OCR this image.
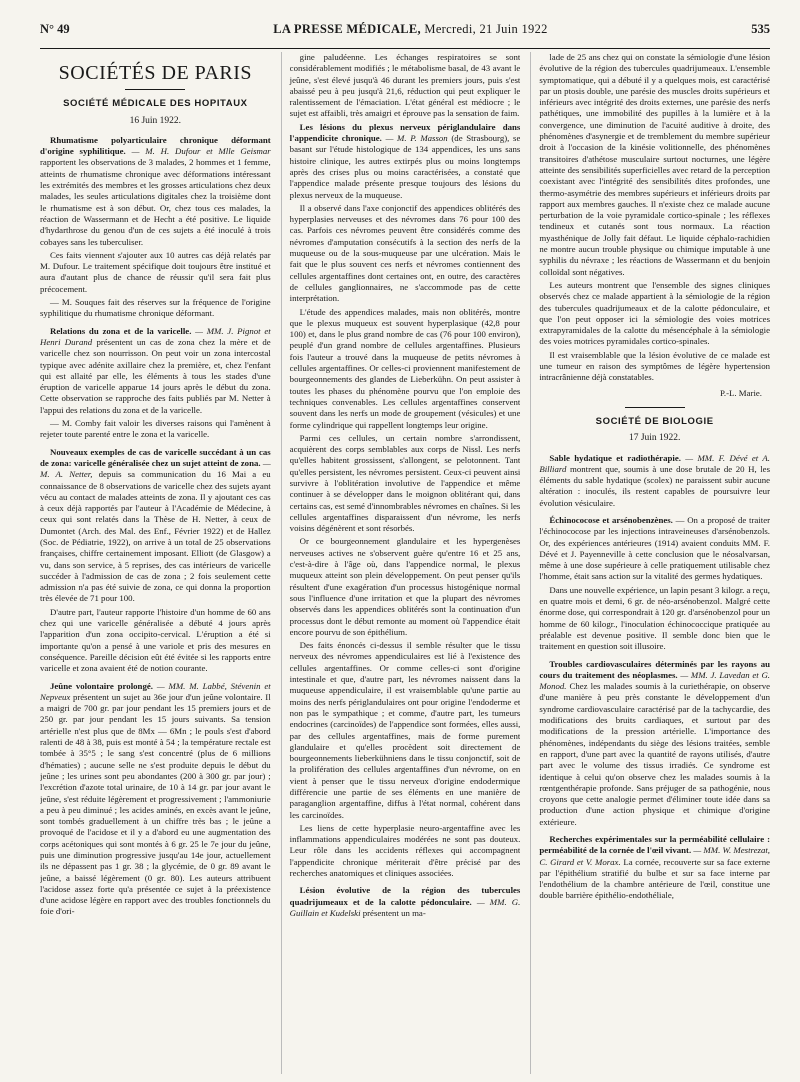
N° 49	LA PRESSE MÉDICALE, Mercredi, 21 Juin 1922	535
SOCIÉTÉS DE PARIS
SOCIÉTÉ MÉDICALE DES HOPITAUX

16 Juin 1922.

Rhumatisme polyarticulaire chronique déformant d'origine syphilitique. — M. H. Dufour et Mlle Geismar rapportent les observations de 3 malades, 2 hommes et 1 femme, atteints de rhumatisme chronique avec déformations intéressant les extrémités des membres et les grosses articulations chez deux malades, les seules articulations digitales chez la troisième dont le rhumatisme est à son début. Or, chez tous ces malades, la réaction de Wassermann et de Hecht a été positive. Le liquide d'hydarthrose du genou d'un de ces sujets a été inoculé à trois cobayes sans les tuberculiser.

Ces faits viennent s'ajouter aux 10 autres cas déjà relatés par M. Dufour. Le traitement spécifique doit toujours être institué et aura d'autant plus de chance de réussir qu'il sera fait plus précocement.

— M. Souques fait des réserves sur la fréquence de l'origine syphilitique du rhumatisme chronique déformant.

Relations du zona et de la varicelle. — MM. J. Pignot et Henri Durand présentent un cas de zona chez la mère et de varicelle chez son nourrisson. On peut voir un zona intercostal typique avec adénite axillaire chez la première, et, chez l'enfant qui est allaité par elle, les éléments à tous les stades d'une éruption de varicelle apparue 14 jours après le début du zona. Cette observation se rapproche des faits publiés par M. Netter à l'appui des relations du zona et de la varicelle.

— M. Comby fait valoir les diverses raisons qui l'amènent à rejeter toute parenté entre le zona et la varicelle.

Nouveaux exemples de cas de varicelle succédant à un cas de zona: varicelle généralisée chez un sujet atteint de zona. — M. A. Netter, depuis sa communication du 16 Mai a eu connaissance de 8 observations de varicelle chez des sujets ayant vécu au contact de malades atteints de zona. Il y ajoutant ces cas à ceux déjà rapportés par l'auteur à l'Académie de Médecine, à ceux qui sont relatés dans la Thèse de H. Netter, à ceux de Dumontet (Arch. des Mal. des Enf., Février 1922) et de Hallez (Soc. de Pédiatrie, 1922), on arrive à un total de 25 observations françaises, chiffre certainement imposant. Elliott (de Glasgow) a vu, dans son service, à 5 reprises, des cas intérieurs de varicelle succéder à l'admission de cas de zona ; 2 fois seulement cette admission n'a pas été suivie de zona, ce qui donna la proportion très élevée de 71 pour 100.

D'autre part, l'auteur rapporte l'histoire d'un homme de 60 ans chez qui une varicelle généralisée a débuté 4 jours après l'apparition d'un zona occipito-cervical. L'éruption a été si importante qu'on a pensé à une variole et pris des mesures en conséquence. Pareille décision eût été évitée si les rapports entre varicelle et zona avaient été de notion courante.

Jeûne volontaire prolongé. — MM. M. Labbé, Stévenin et Nepveux présentent un sujet au 36e jour d'un jeûne volontaire. Il a maigri de 700 gr. par jour pendant les 15 premiers jours et de 250 gr. par jour pendant les 15 jours suivants. Sa tension artérielle n'est plus que de 8Mx — 6Mn ; le pouls s'est d'abord ralenti de 48 à 38, puis est monté à 54 ; la température rectale est tombée à 35°5 ; le sang s'est concentré (plus de 6 millions d'hématies) ; aucune selle ne s'est produite depuis le début du jeûne ; les urines sont peu abondantes (200 à 300 gr. par jour) ; l'excrétion d'azote total urinaire, de 10 à 14 gr. par jour avant le jeûne, s'est réduite légèrement et progressivement ; l'ammoniurie a peu à peu diminué ; les acides aminés, en excès avant le jeûne, sont tombés graduellement à un chiffre très bas ; le jeûne a provoqué de l'acidose et il y a d'abord eu une augmentation des corps acétoniques qui sont montés à 6 gr. 25 le 7e jour du jeûne, puis une diminution progressive jusqu'au 14e jour, actuellement ils ne dépassent pas 1 gr. 38 ; la glycémie, de 0 gr. 89 avant le jeûne, a baissé légèrement (0 gr. 80). Les auteurs attribuent l'acidose assez forte qu'a présentée ce sujet à la préexistence d'une acidose légère en rapport avec des troubles fonctionnels du foie d'ori-

gine paludéenne. Les échanges respiratoires se sont considérablement modifiés ; le métabolisme basal, de 43 avant le jeûne, s'est élevé jusqu'à 46 durant les premiers jours, puis s'est abaissé peu à peu jusqu'à 21,6, réduction qui peut expliquer le ralentissement de l'émaciation. L'état général est médiocre ; le sujet est affaibli, très amaigri et éprouve pas la sensation de faim.

Les lésions du plexus nerveux périglandulaire dans l'appendicite chronique. — M. P. Masson (de Strasbourg), se basant sur l'étude histologique de 134 appendices, les uns sans histoire clinique, les autres extirpés plus ou moins longtemps après des crises plus ou moins caractérisées, a constaté que l'appendice malade présente presque toujours des lésions du plexus nerveux de la muqueuse.

Il a observé dans l'axe conjonctif des appendices oblitérés des hyperplasies nerveuses et des névromes dans 76 pour 100 des cas. Parfois ces névromes peuvent être considérés comme des névromes d'amputation consécutifs à la section des nerfs de la muqueuse ou de la sous-muqueuse par une ulcération. Mais le fait que le plus souvent ces nerfs et névromes contiennent des cellules argentaffines dont certaines ont, en outre, des caractères de cellules ganglionnaires, ne s'accommode pas de cette interprétation.

L'étude des appendices malades, mais non oblitérés, montre que le plexus muqueux est souvent hyperplasique (42,8 pour 100) et, dans le plus grand nombre de cas (76 pour 100 environ), peuplé d'un grand nombre de cellules argentaffines. Plusieurs fois l'auteur a trouvé dans la muqueuse de petits névromes à cellules argentaffines. Or celles-ci proviennent manifestement de bourgeonnements des glandes de Lieberkühn. On peut assister à toutes les phases du phénomène pourvu que l'on emploie des techniques convenables. Les cellules argentaffines conservent souvent dans les nerfs un mode de groupement (vésicules) et une forme cylindrique qui rappellent longtemps leur origine.

Parmi ces cellules, un certain nombre s'arrondissent, acquièrent des corps semblables aux corps de Nissl. Les nerfs qu'elles habitent grossissent, s'allongent, se pelotonnent. Tant qu'elles persistent, les névromes persistent. Ceux-ci peuvent ainsi survivre à l'oblitération involutive de l'appendice et même continuer à se développer dans le moignon oblitérant qui, dans certains cas, est semé d'innombrables névromes en chaînes. Si les cellules argentaffines disparaissent d'un névrome, les nerfs voisins dégénèrent et sont résorbés.

Or ce bourgeonnement glandulaire et les hypergenèses nerveuses actives ne s'observent guère qu'entre 16 et 25 ans, c'est-à-dire à l'âge où, dans l'appendice normal, le plexus muqueux atteint son plein développement. On peut penser qu'ils résultent d'une exagération d'un processus histogénique normal sous l'influence d'une irritation et que la plupart des névromes observés dans les appendices oblitérés sont la continuation d'un processus dont le début remonte au moment où l'appendice était encore pourvu de son épithélium.

Des faits énoncés ci-dessus il semble résulter que le tissu nerveux des névromes appendiculaires est lié à l'existence des cellules argentaffines. Or comme celles-ci sont d'origine intestinale et que, d'autre part, les névromes naissent dans la muqueuse appendiculaire, il est vraisemblable qu'une partie au moins des nerfs périglandulaires ont pour origine l'endoderme et non pas le sympathique ; et comme, d'autre part, les tumeurs endocrines (carcinoïdes) de l'appendice sont formées, elles aussi, par des cellules argentaffines, mais de forme purement glandulaire et qu'elles procèdent soit directement de bourgeonnements lieberkühniens dans le tissu conjonctif, soit de la prolifération des cellules argentaffines d'un névrome, on en vient à penser que le tissu nerveux d'origine endodermique différencie une partie de ses éléments en une manière de paraganglion argentaffine, diffus à l'état normal, cohérent dans les carcinoïdes.

Les liens de cette hyperplasie neuro-argentaffine avec les inflammations appendiculaires modérées ne sont pas douteux. Leur rôle dans les accidents réflexes qui accompagnent l'appendicite chronique mériterait d'être précisé par des recherches anatomiques et cliniques associées.

Lésion évolutive de la région des tubercules quadrijumeaux et de la calotte pédonculaire. — MM. G. Guillain et Kudelski présentent un ma-

lade de 25 ans chez qui on constate la sémiologie d'une lésion évolutive de la région des tubercules quadrijumeaux. L'ensemble symptomatique, qui a débuté il y a quelques mois, est caractérisé par un ptosis double, une parésie des muscles droits supérieurs et inférieurs avec intégrité des droits externes, une parésie des nerfs pathétiques, une immobilité des pupilles à la lumière et à la convergence, une diminution de l'acuité auditive à droite, des phénomènes d'asynergie et de tremblement du membre supérieur droit à l'occasion de la kinésie volitionnelle, des phénomènes transitoires d'athétose musculaire surtout nocturnes, une légère atteinte des sensibilités superficielles avec retard de la perception coexistant avec l'intégrité des sensibilités dites profondes, une thermo-asymétrie des membres supérieurs et inférieurs droits par rapport aux membres gauches. Il n'existe chez ce malade aucune perturbation de la voie pyramidale cortico-spinale ; les réflexes tendineux et cutanés sont tous normaux. La réaction myasthénique de Jolly fait défaut. Le liquide céphalo-rachidien ne montre aucun trouble physique ou chimique imputable à une syphilis du névraxe ; les réactions de Wassermann et du benjoin colloïdal sont négatives.

Les auteurs montrent que l'ensemble des signes cliniques observés chez ce malade appartient à la sémiologie de la région des tubercules quadrijumeaux et de la calotte pédonculaire, et que l'on peut opposer ici la sémiologie des voies motrices extrapyramidales de la calotte du mésencéphale à la sémiologie des voies motrices pyramidales cortico-spinales.

Il est vraisemblable que la lésion évolutive de ce malade est une tumeur en raison des symptômes de légère hypertension intracrânienne déjà constatables.

P.-L. Marie.

SOCIÉTÉ DE BIOLOGIE

17 Juin 1922.

Sable hydatique et radiothérapie. — MM. F. Dévé et A. Billiard montrent que, soumis à une dose brutale de 20 H, les éléments du sable hydatique (scolex) ne paraissent subir aucune altération : inoculés, ils restent capables de poursuivre leur évolution vésiculaire.

Échinococose et arsénobenzènes. — On a proposé de traiter l'échinococose par les injections intraveineuses d'arsénobenzols. Or, des expériences antérieures (1914) avaient conduits MM. F. Dévé et J. Payenneville à cette conclusion que le néosalvarsan, même à une dose supérieure à celle pratiquement utilisable chez l'homme, était sans action sur la vitalité des germes hydatiques.

Dans une nouvelle expérience, un lapin pesant 3 kilogr. a reçu, en quatre mois et demi, 6 gr. de néo-arsénobenzol. Malgré cette énorme dose, qui correspondrait à 120 gr. d'arsénobenzol pour un homme de 60 kilogr., l'inoculation échinococcique pratiquée au préalable est devenue positive. Il semble donc bien que le traitement en question soit illusoire.

Troubles cardiovasculaires déterminés par les rayons au cours du traitement des néoplasmes. — MM. J. Lavedan et G. Monod. Chez les malades soumis à la curiethérapie, on observe d'une manière à peu près constante le développement d'un syndrome cardiovasculaire caractérisé par de la tachycardie, des modifications des bruits cardiaques, et surtout par des modifications de la pression artérielle. L'importance des phénomènes, indépendants du siège des lésions traitées, semble en rapport, d'une part avec la quantité de rayons utilisés, d'autre part avec le volume des tissus irradiés. Ce syndrome est identique à celui qu'on observe chez les malades soumis à la rœntgenthérapie profonde. Sans préjuger de sa pathogénie, nous croyons que cette analogie permet d'éliminer toute idée dans sa production d'une action physique et chimique d'origine extérieure.

Recherches expérimentales sur la perméabilité cellulaire : perméabilité de la cornée de l'œil vivant. — MM. W. Mestrezat, C. Girard et V. Morax. La cornée, recouverte sur sa face externe par l'épithélium stratifié du bulbe et sur sa face interne par l'endothélium de la chambre antérieure de l'œil, constitue une double barrière épithélio-endothéliale,
